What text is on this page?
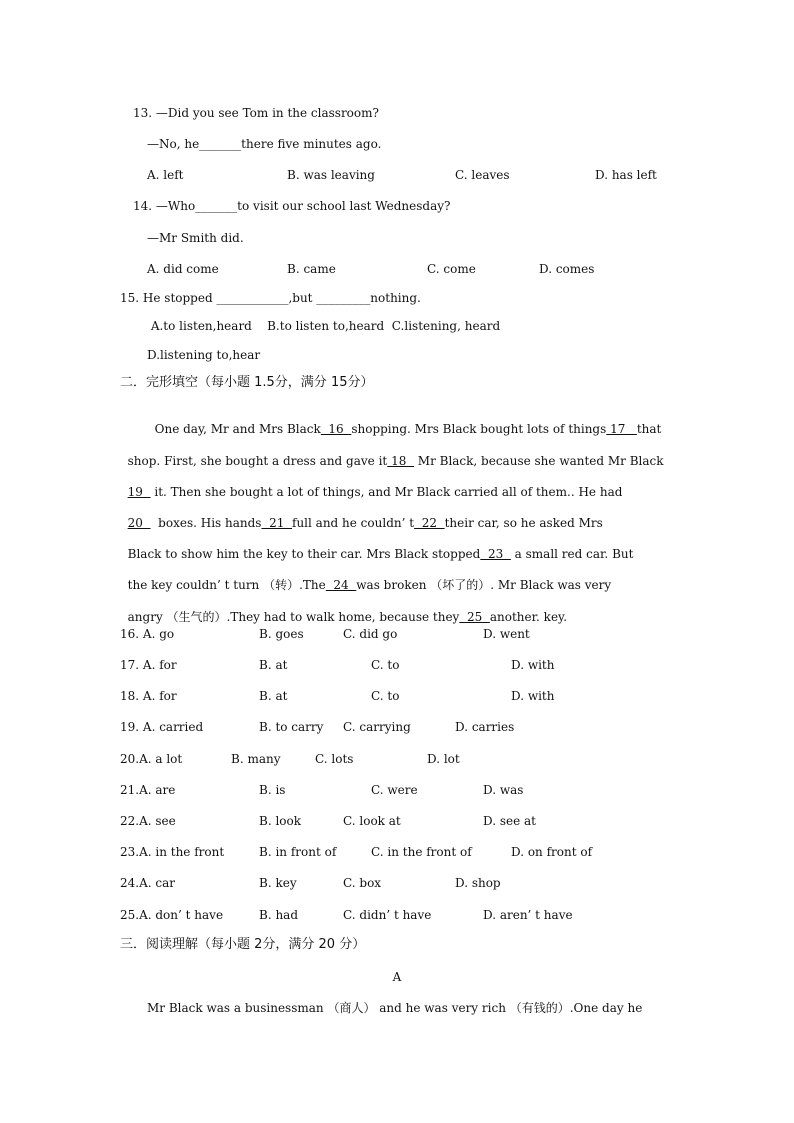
13. —Did you see Tom in the classroom?
—No, he_______there five minutes ago.
A. left	B. was leaving	C. leaves	D. has left
14. —Who_______to visit our school last Wednesday?
—Mr Smith did.
A. did come	B. came	C. come	D. comes
15. He stopped ____________,but _________nothing.
A.to listen,heard    B.to listen to,heard  C.listening, heard
D.listening to,hear
二．完形填空（每小题 1.5分，满分 15分）

One day, Mr and Mrs Black  16  shopping. Mrs Black bought lots of things 17   that

shop. First, she bought a dress and gave it 18   Mr Black, because she wanted Mr Black

19   it. Then she bought a lot of things, and Mr Black carried all of them.. He had

20    boxes. His hands  21  full and he couldn’ t  22  their car, so he asked Mrs

Black to show him the key to their car. Mrs Black stopped  23   a small red car. But

the key couldn’ t turn （转）.The  24  was broken （坏了的）. Mr Black was very

angry （生气的）.They had to walk home, because they  25  another. key.

16. A. go	B. goes	C. did go	D. went
17. A. for	B. at	C. to	D. with
18. A. for	B. at	C. to	D. with
19. A. carried	B. to carry C. carrying	D. carries
20.A. a lot	B. many	C. lots	D. lot
21.A. are	B. is	C. were	D. was
22.A. see	B. look	C. look at	D. see at
23.A. in the front	B. in front of	C. in the front of	D. on front of
24.A. car	B. key	C. box	D. shop
25.A. don’ t have	B. had	C. didn’ t have	D. aren’ t have
三．阅读理解（每小题 2分，满分 20 分）
A
Mr Black was a businessman （商人） and he was very rich （有钱的）.One day he
